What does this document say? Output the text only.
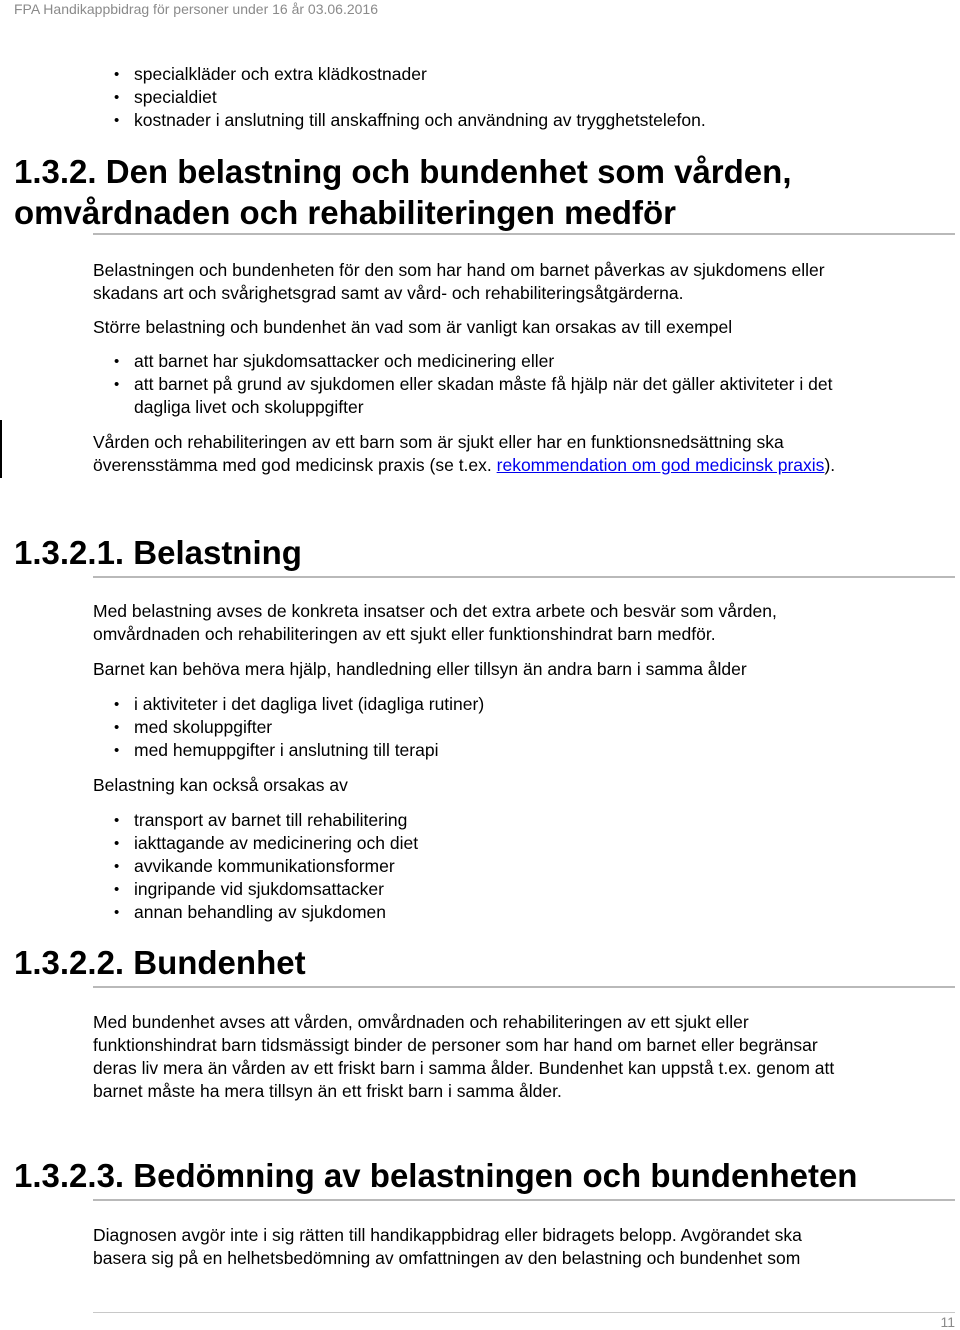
FPA Handikappbidrag för personer under 16 år 03.06.2016
• specialkläder och extra klädkostnader
• specialdiet
• kostnader i anslutning till anskaffning och användning av trygghetstelefon.
1.3.2. Den belastning och bundenhet som vården,
omvårdnaden och rehabiliteringen medför
Belastningen och bundenheten för den som har hand om barnet påverkas av sjukdomens eller
skadans art och svårighetsgrad samt av vård- och rehabiliteringsåtgärderna.
Större belastning och bundenhet än vad som är vanligt kan orsakas av till exempel
• att barnet har sjukdomsattacker och medicinering eller
• att barnet på grund av sjukdomen eller skadan måste få hjälp när det gäller aktiviteter i det
dagliga livet och skoluppgifter
Vården och rehabiliteringen av ett barn som är sjukt eller har en funktionsnedsättning ska
överensstämma med god medicinsk praxis (se t.ex. rekommendation om god medicinsk praxis).
1.3.2.1. Belastning
Med belastning avses de konkreta insatser och det extra arbete och besvär som vården,
omvårdnaden och rehabiliteringen av ett sjukt eller funktionshindrat barn medför.
Barnet kan behöva mera hjälp, handledning eller tillsyn än andra barn i samma ålder
• i aktiviteter i det dagliga livet (idagliga rutiner)
• med skoluppgifter
• med hemuppgifter i anslutning till terapi
Belastning kan också orsakas av
• transport av barnet till rehabilitering
• iakttagande av medicinering och diet
• avvikande kommunikationsformer
• ingripande vid sjukdomsattacker
• annan behandling av sjukdomen
1.3.2.2. Bundenhet
Med bundenhet avses att vården, omvårdnaden och rehabiliteringen av ett sjukt eller
funktionshindrat barn tidsmässigt binder de personer som har hand om barnet eller begränsar
deras liv mera än vården av ett friskt barn i samma ålder. Bundenhet kan uppstå t.ex. genom att
barnet måste ha mera tillsyn än ett friskt barn i samma ålder.
1.3.2.3. Bedömning av belastningen och bundenheten
Diagnosen avgör inte i sig rätten till handikappbidrag eller bidragets belopp. Avgörandet ska
basera sig på en helhetsbedömning av omfattningen av den belastning och bundenhet som
11
